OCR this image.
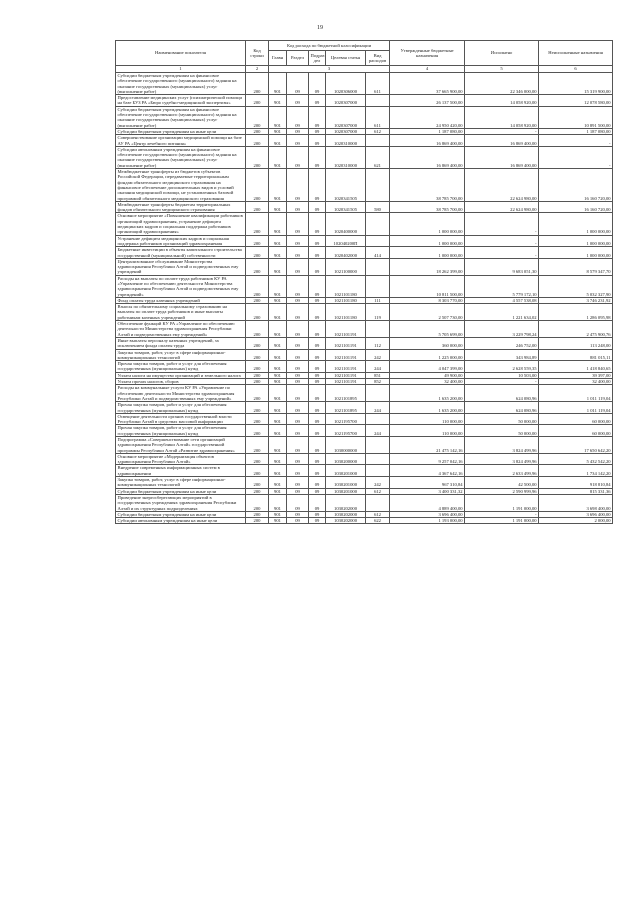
19
Наименование показателя	Код строки	Код расхода по бюджетной классификации					Утвержденные бюджетные назначения	Исполнено	Неисполненные назначения
		Главн	Раздел	Подраз дел	Целевая статья	Вид расходов			
1	2	3					4	5	6
Субсидии бюджетным учреждениям на финансовое обеспечение государственного (муниципального) задания на оказание государственных (муниципальных) услуг (выполнение работ)	200	901	09	09	1020306000	611	37 665 900,00	22 346 000,00	15 319 900,00
Предоставление медицинских услуг (психиатрической помощи на базе БУЗ РА «Бюро судебно-медицинской экспертизы»	200	901	09	09	1020307000		26 137 500,00	14 058 920,00	12 078 580,00
Субсидии бюджетным учреждениям на финансовое обеспечение государственного (муниципального) задания на оказание государственных (муниципальных) услуг (выполнение работ)	200	901	09	09	1020307000	611	24 950 420,00	14 058 920,00	10 891 500,00
Субсидии бюджетным учреждениям на иные цели	200	901	09	09	1020307000	612	1 187 080,00	-	1 187 080,00
Совершенствование организации медицинской помощи на базе АУ РА «Центр лечебного питания»	200	901	09	09	1020310000		16 869 400,00	16 869 400,00	-
Субсидии автономным учреждениям на финансовое обеспечение государственного (муниципального) задания на оказание государственных (муниципальных) услуг (выполнение работ)	200	901	09	09	1020310000	621	16 869 400,00	16 869 400,00	-
Межбюджетные трансферты из бюджетов субъектов Российской Федерации, передаваемые территориальным фондам обязательного медицинского страхования на финансовое обеспечение дополнительных видов и условий оказания медицинской помощи, не установленных базовой программой обязательного медицинского страхования	200	901	09	09	1020341505		38 785 700,00	22 624 980,00	16 160 720,00
Межбюджетные трансферты бюджетам территориальных фондов обязательного медицинского страхования	200	901	09	09	1020341505	580	38 785 700,00	22 624 980,00	16 160 720,00
Основное мероприятие «Повышение квалификации работников организаций здравоохранения, устранение дефицита медицинских кадров и социальная поддержка работников организаций здравоохранения»	200	901	09	09	1020400000		1 000 000,00	-	1 000 000,00
Устранение дефицита медицинских кадров и социальная поддержка работников организаций здравоохранения	200	901	09	09	102040200П		1 000 000,00	-	1 000 000,00
Бюджетные инвестиции в объекты капитального строительства государственной (муниципальной) собственности	200	901	09	09	1020402000	414	1 000 000,00	-	1 000 000,00
Централизованное обслуживание Министерства здравоохранения Республики Алтай и подведомственных ему учреждений	200	901	09	09	1021100000		18 262 399,00	9 683 051,30	8 579 347,70
Расходы на выплаты по оплате труда работников КУ РА «Управление по обеспечению деятельности Министерства здравоохранения Республики Алтай и подведомственных ему учреждений»	200	901	09	09	1021101180		10 811 500,00	5 779 172,10	5 032 327,90
Фонд оплаты труда казенных учреждений	200	901	09	09	1021101180	111	8 303 770,00	4 557 538,08	3 746 231,92
Взносы по обязательному социальному страхованию на выплаты по оплате труда работников и иные выплаты работникам казенных учреждений	200	901	09	09	1021101180	119	2 507 730,00	1 221 634,02	1 286 095,98
Обеспечение функций КУ РА «Управление по обеспечению деятельности Министерства здравоохранения Республики Алтай и подведомственных ему учреждений»	200	901	09	09	1021101191		5 705 699,00	3 229 798,24	2 475 900,76
Иные выплаты персоналу казенных учреждений, за исключением фонда оплаты труда	200	901	09	09	1021101191	112	360 000,00	246 752,00	113 248,00
Закупка товаров, работ, услуг в сфере информационно-коммуникационных технологий	200	901	09	09	1021101191	242	1 225 000,00	343 984,89	881 015,11
Прочая закупка товаров, работ и услуг для обеспечения государственных (муниципальных) нужд	200	901	09	09	1021101191	244	4 047 399,00	2 628 559,35	1 418 840,65
Уплата налога на имущество организаций и земельного налога	200	901	09	09	1021101191	851	49 900,00	10 503,00	39 397,00
Уплата прочих налогов, сборов	200	901	09	09	1021101191	852	32 400,00	-	32 400,00
Расходы на коммунальные услуги КУ РА «Управление по обеспечению деятельности Министерства здравоохранения Республики Алтай и подведомственных ему учреждений»	200	901	09	09	1021101895		1 635 200,00	624 080,96	1 011 119,04
Прочая закупка товаров, работ и услуг для обеспечения государственных (муниципальных) нужд	200	901	09	09	1021101895	244	1 635 200,00	624 080,96	1 011 119,04
Освещение деятельности органов государственной власти Республики Алтай в средствах массовой информации	200	901	09	09	1021195700		110 000,00	50 000,00	60 000,00
Прочая закупка товаров, работ и услуг для обеспечения государственных (муниципальных) нужд	200	901	09	09	1021195700	244	110 000,00	50 000,00	60 000,00
Подпрограмма «Совершенствование сети организаций здравоохранения Республики Алтай» государственной программы Республики Алтай «Развитие здравоохранения»	200	901	09	09	1030000000		21 475 142,16	3 824 499,96	17 650 642,20
Основное мероприятие «Модернизация объектов здравоохранения Республики Алтай»	200	901	09	09	1030200000		9 257 042,16	3 824 499,96	5 432 542,20
Внедрение современных информационных систем в здравоохранении	200	901	09	09	1030201000		4 367 642,16	2 633 499,96	1 734 142,20
Закупка товаров, работ, услуг в сфере информационно-коммуникационных технологий	200	901	09	09	1030201000	242	967 310,84	42 500,00	918 810,84
Субсидии бюджетным учреждениям на иные цели	200	901	09	09	1030201000	612	3 400 331,32	2 590 999,96	815 331,36
Проведение энергосберегающих мероприятий в государственных учреждениях здравоохранения Республики Алтай и их структурных подразделениях	200	901	09	09	1030202000		4 889 400,00	1 191 000,00	3 698 400,00
Субсидии бюджетным учреждениям на иные цели	200	901	09	09	1030202000	612	3 696 400,00	-	3 696 400,00
Субсидии автономным учреждениям на иные цели	200	901	09	09	1030202000	622	1 193 000,00	1 191 000,00	2 000,00
